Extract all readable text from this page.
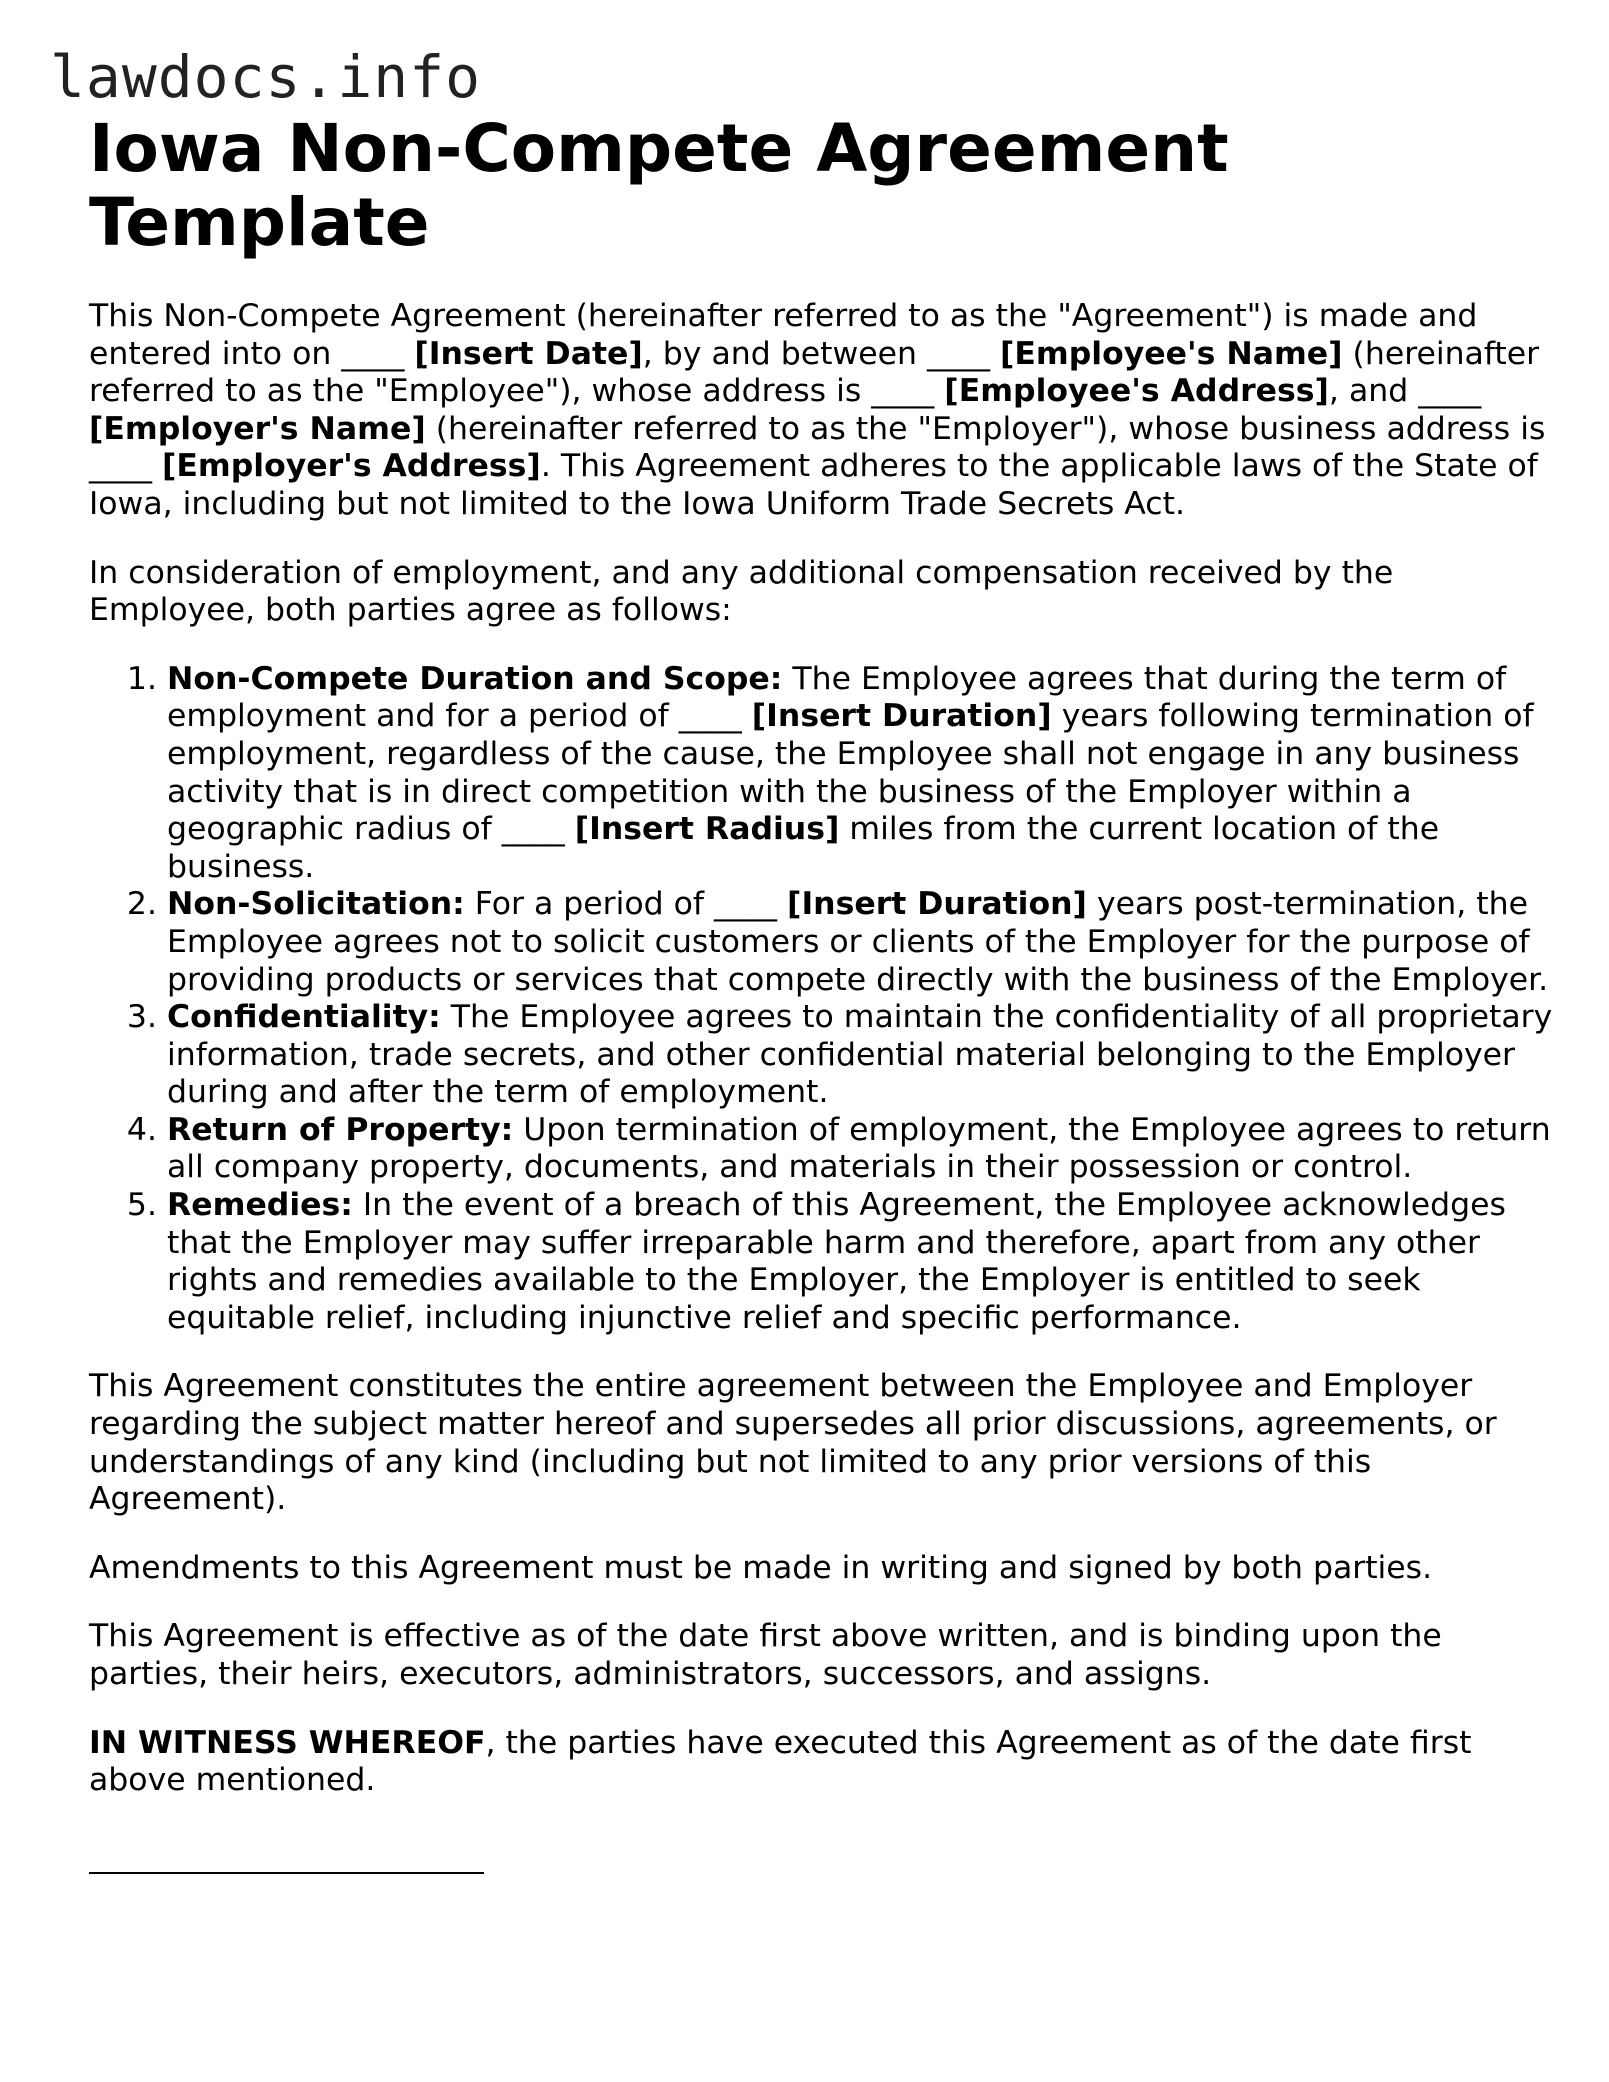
lawdocs.info
Iowa Non-Compete Agreement Template

This Non-Compete Agreement (hereinafter referred to as the "Agreement") is made and entered into on ____ [Insert Date], by and between ____ [Employee's Name] (hereinafter referred to as the "Employee"), whose address is ____ [Employee's Address], and ____ [Employer's Name] (hereinafter referred to as the "Employer"), whose business address is ____ [Employer's Address]. This Agreement adheres to the applicable laws of the State of Iowa, including but not limited to the Iowa Uniform Trade Secrets Act.

In consideration of employment, and any additional compensation received by the Employee, both parties agree as follows:

1. Non-Compete Duration and Scope: The Employee agrees that during the term of employment and for a period of ____ [Insert Duration] years following termination of employment, regardless of the cause, the Employee shall not engage in any business activity that is in direct competition with the business of the Employer within a geographic radius of ____ [Insert Radius] miles from the current location of the business.
2. Non-Solicitation: For a period of ____ [Insert Duration] years post-termination, the Employee agrees not to solicit customers or clients of the Employer for the purpose of providing products or services that compete directly with the business of the Employer.
3. Confidentiality: The Employee agrees to maintain the confidentiality of all proprietary information, trade secrets, and other confidential material belonging to the Employer during and after the term of employment.
4. Return of Property: Upon termination of employment, the Employee agrees to return all company property, documents, and materials in their possession or control.
5. Remedies: In the event of a breach of this Agreement, the Employee acknowledges that the Employer may suffer irreparable harm and therefore, apart from any other rights and remedies available to the Employer, the Employer is entitled to seek equitable relief, including injunctive relief and specific performance.

This Agreement constitutes the entire agreement between the Employee and Employer regarding the subject matter hereof and supersedes all prior discussions, agreements, or understandings of any kind (including but not limited to any prior versions of this Agreement).

Amendments to this Agreement must be made in writing and signed by both parties.

This Agreement is effective as of the date first above written, and is binding upon the parties, their heirs, executors, administrators, successors, and assigns.

IN WITNESS WHEREOF, the parties have executed this Agreement as of the date first above mentioned.
